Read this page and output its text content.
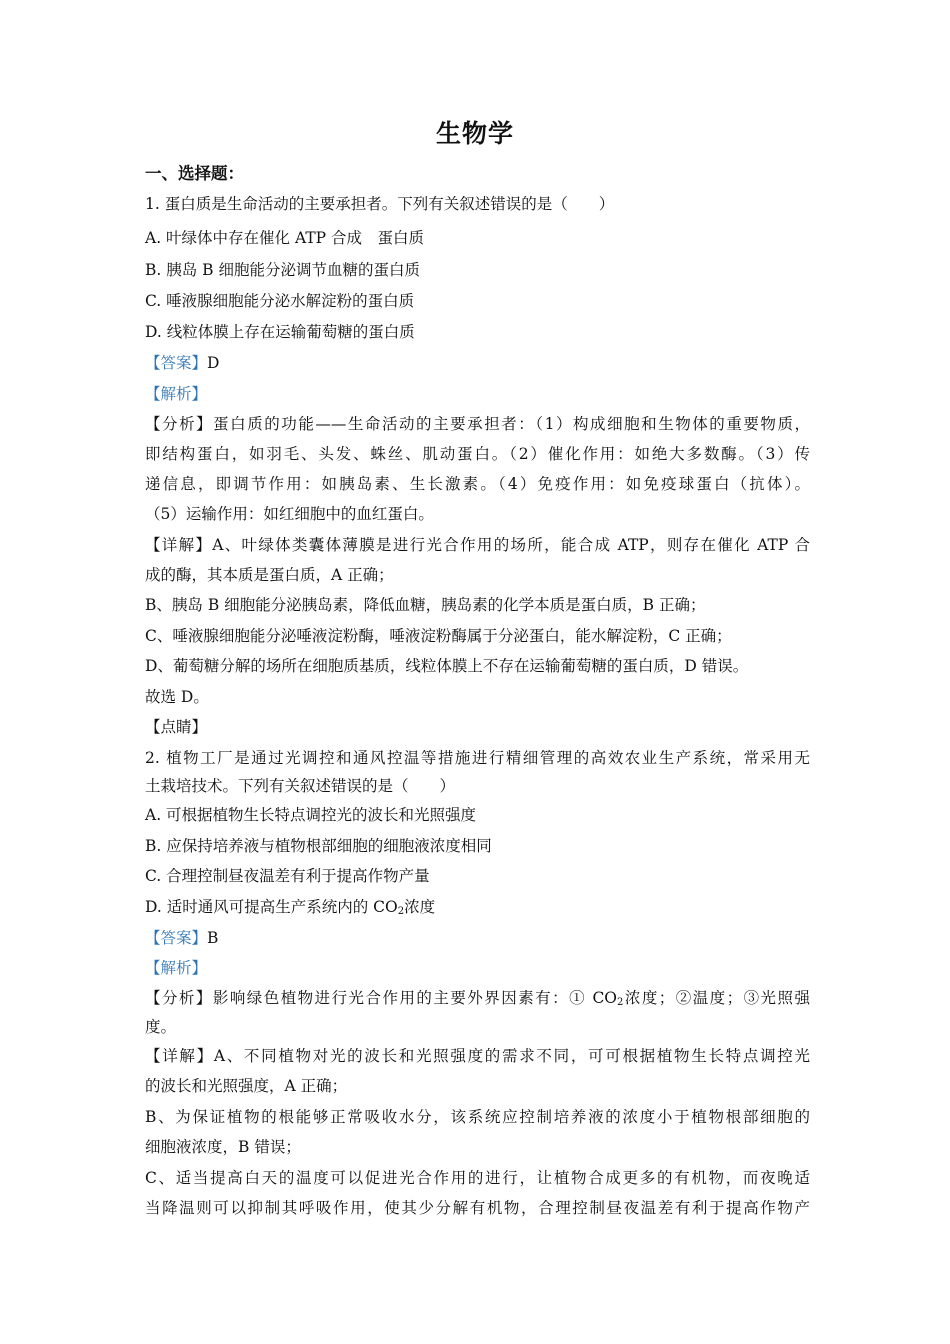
生物学
一、选择题：
1. 蛋白质是生命活动的主要承担者。下列有关叙述错误的是（　　）
A. 叶绿体中存在催化 ATP 合成　蛋白质
B. 胰岛 B 细胞能分泌调节血糖的蛋白质
C. 唾液腺细胞能分泌水解淀粉的蛋白质
D. 线粒体膜上存在运输葡萄糖的蛋白质
【答案】D
【解析】
【分析】蛋白质的功能——生命活动的主要承担者：（1）构成细胞和生物体的重要物质，
即结构蛋白，如羽毛、头发、蛛丝、肌动蛋白。（2）催化作用：如绝大多数酶。（3）传
递信息，即调节作用：如胰岛素、生长激素。（4）免疫作用：如免疫球蛋白（抗体）。
（5）运输作用：如红细胞中的血红蛋白。
【详解】A、叶绿体类囊体薄膜是进行光合作用的场所，能合成 ATP，则存在催化 ATP 合
成的酶，其本质是蛋白质，A 正确；
B、胰岛 B 细胞能分泌胰岛素，降低血糖，胰岛素的化学本质是蛋白质，B 正确；
C、唾液腺细胞能分泌唾液淀粉酶，唾液淀粉酶属于分泌蛋白，能水解淀粉，C 正确；
D、葡萄糖分解的场所在细胞质基质，线粒体膜上不存在运输葡萄糖的蛋白质，D 错误。
故选 D。
【点睛】
2. 植物工厂是通过光调控和通风控温等措施进行精细管理的高效农业生产系统，常采用无
土栽培技术。下列有关叙述错误的是（　　）
A. 可根据植物生长特点调控光的波长和光照强度
B. 应保持培养液与植物根部细胞的细胞液浓度相同
C. 合理控制昼夜温差有利于提高作物产量
D. 适时通风可提高生产系统内的 $CO_2$浓度
【答案】B
【解析】
【分析】影响绿色植物进行光合作用的主要外界因素有：① $CO_2$浓度；②温度；③光照强
度。
【详解】A、不同植物对光的波长和光照强度的需求不同，可可根据植物生长特点调控光
的波长和光照强度，A 正确；
B、为保证植物的根能够正常吸收水分，该系统应控制培养液的浓度小于植物根部细胞的
细胞液浓度，B 错误；
C、适当提高白天的温度可以促进光合作用的进行，让植物合成更多的有机物，而夜晚适
当降温则可以抑制其呼吸作用，使其少分解有机物，合理控制昼夜温差有利于提高作物产
